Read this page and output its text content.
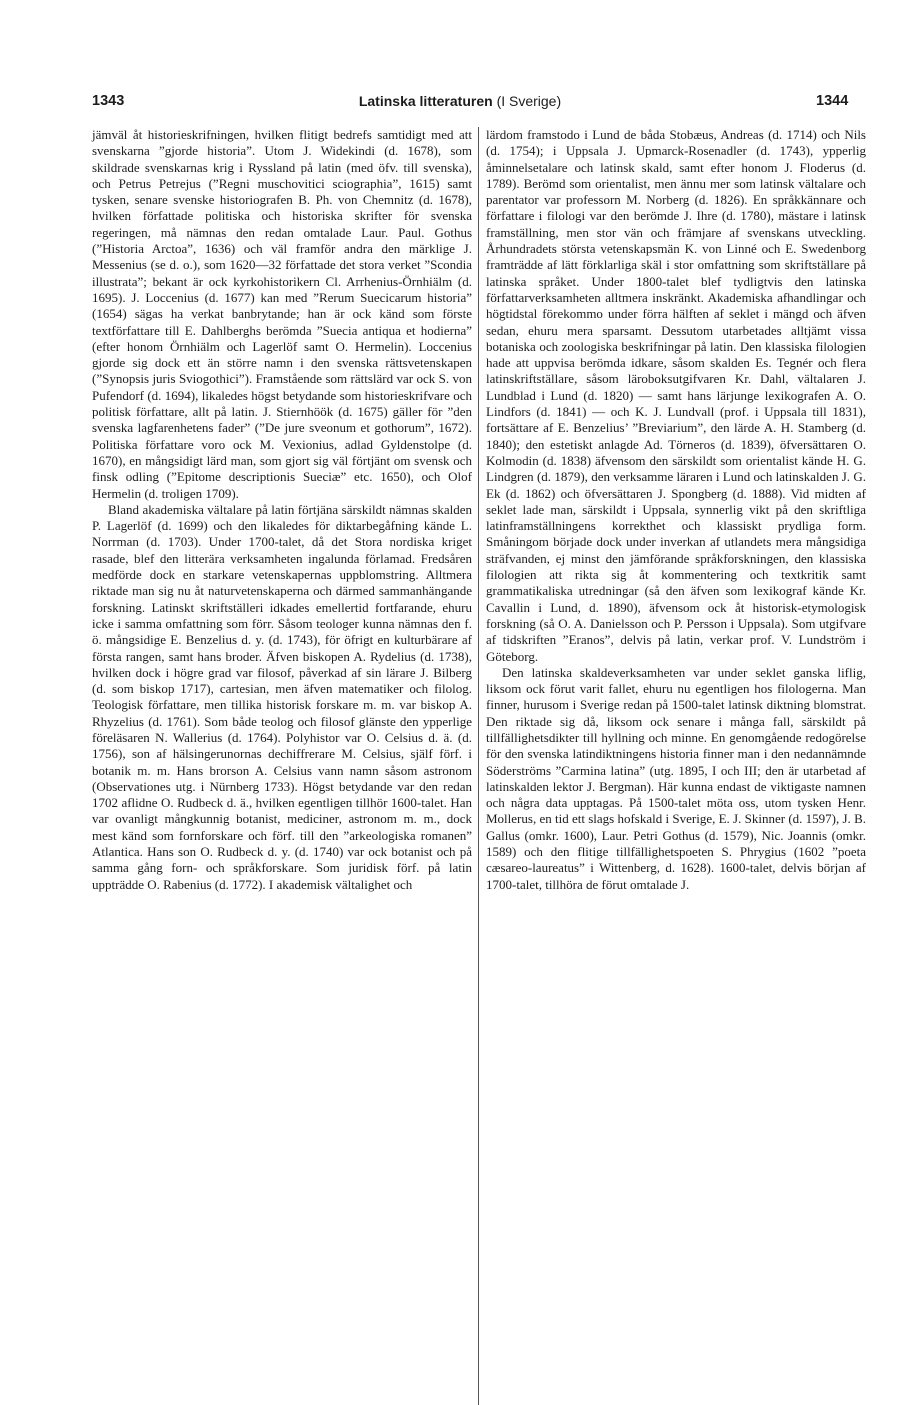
1343	Latinska litteraturen (I Sverige)	1344

jämväl åt historieskrifningen, hvilken flitigt bedrefs samtidigt med att svenskarna ”gjorde historia”. Utom J. Widekindi (d. 1678), som skildrade svenskarnas krig i Ryssland på latin (med öfv. till svenska), och Petrus Petrejus (”Regni muschovitici sciographia”, 1615) samt tysken, senare svenske historiografen B. Ph. von Chemnitz (d. 1678), hvilken författade politiska och historiska skrifter för svenska regeringen, må nämnas den redan omtalade Laur. Paul. Gothus (”Historia Arctoa”, 1636) och väl framför andra den märklige J. Messenius (se d. o.), som 1620—32 författade det stora verket ”Scondia illustrata”; bekant är ock kyrkohistorikern Cl. Arrhenius-Örnhiälm (d. 1695). J. Loccenius (d. 1677) kan med ”Rerum Suecicarum historia” (1654) sägas ha verkat banbrytande; han är ock känd som förste textförfattare till E. Dahlberghs berömda ”Suecia antiqua et hodierna” (efter honom Örnhiälm och Lagerlöf samt O. Hermelin). Loccenius gjorde sig dock ett än större namn i den svenska rättsvetenskapen (”Synopsis juris Sviogothici”). Framstående som rättslärd var ock S. von Pufendorf (d. 1694), likaledes högst betydande som historieskrifvare och politisk författare, allt på latin. J. Stiernhöök (d. 1675) gäller för ”den svenska lagfarenhetens fader” (”De jure sveonum et gothorum”, 1672). Politiska författare voro ock M. Vexionius, adlad Gyldenstolpe (d. 1670), en mångsidigt lärd man, som gjort sig väl förtjänt om svensk och finsk odling (”Epitome descriptionis Sueciæ” etc. 1650), och Olof Hermelin (d. troligen 1709).

Bland akademiska vältalare på latin förtjäna särskildt nämnas skalden P. Lagerlöf (d. 1699) och den likaledes för diktarbegåfning kände L. Norrman (d. 1703). Under 1700-talet, då det Stora nordiska kriget rasade, blef den litterära verksamheten ingalunda förlamad. Fredsåren medförde dock en starkare vetenskapernas uppblomstring. Alltmera riktade man sig nu åt naturvetenskaperna och därmed sammanhängande forskning. Latinskt skriftställeri idkades emellertid fortfarande, ehuru icke i samma omfattning som förr. Såsom teologer kunna nämnas den f. ö. mångsidige E. Benzelius d. y. (d. 1743), för öfrigt en kulturbärare af första rangen, samt hans broder. Äfven biskopen A. Rydelius (d. 1738), hvilken dock i högre grad var filosof, påverkad af sin lärare J. Bilberg (d. som biskop 1717), cartesian, men äfven matematiker och filolog. Teologisk författare, men tillika historisk forskare m. m. var biskop A. Rhyzelius (d. 1761). Som både teolog och filosof glänste den ypperlige föreläsaren N. Wallerius (d. 1764). Polyhistor var O. Celsius d. ä. (d. 1756), son af hälsingerunornas dechiffrerare M. Celsius, själf förf. i botanik m. m. Hans brorson A. Celsius vann namn såsom astronom (Observationes utg. i Nürnberg 1733). Högst betydande var den redan 1702 aflidne O. Rudbeck d. ä., hvilken egentligen tillhör 1600-talet. Han var ovanligt mångkunnig botanist, mediciner, astronom m. m., dock mest känd som fornforskare och förf. till den ”arkeologiska romanen” Atlantica. Hans son O. Rudbeck d. y. (d. 1740) var ock botanist och på samma gång forn- och språkforskare. Som juridisk förf. på latin uppträdde O. Rabenius (d. 1772). I akademisk vältalighet och

lärdom framstodo i Lund de båda Stobæus, Andreas (d. 1714) och Nils (d. 1754); i Uppsala J. Upmarck-Rosenadler (d. 1743), ypperlig åminnelsetalare och latinsk skald, samt efter honom J. Floderus (d. 1789). Berömd som orientalist, men ännu mer som latinsk vältalare och parentator var professorn M. Norberg (d. 1826). En språkkännare och författare i filologi var den berömde J. Ihre (d. 1780), mästare i latinsk framställning, men stor vän och främjare af svenskans utveckling. Århundradets största vetenskapsmän K. von Linné och E. Swedenborg framträdde af lätt förklarliga skäl i stor omfattning som skriftställare på latinska språket. Under 1800-talet blef tydligtvis den latinska författarverksamheten alltmera inskränkt. Akademiska afhandlingar och högtidstal förekommo under förra hälften af seklet i mängd och äfven sedan, ehuru mera sparsamt. Dessutom utarbetades alltjämt vissa botaniska och zoologiska beskrifningar på latin. Den klassiska filologien hade att uppvisa berömda idkare, såsom skalden Es. Tegnér och flera latinskriftställare, såsom läroboksutgifvaren Kr. Dahl, vältalaren J. Lundblad i Lund (d. 1820) — samt hans lärjunge lexikografen A. O. Lindfors (d. 1841) — och K. J. Lundvall (prof. i Uppsala till 1831), fortsättare af E. Benzelius’ ”Breviarium”, den lärde A. H. Stamberg (d. 1840); den estetiskt anlagde Ad. Törneros (d. 1839), öfversättaren O. Kolmodin (d. 1838) äfvensom den särskildt som orientalist kände H. G. Lindgren (d. 1879), den verksamme läraren i Lund och latinskalden J. G. Ek (d. 1862) och öfversättaren J. Spongberg (d. 1888). Vid midten af seklet lade man, särskildt i Uppsala, synnerlig vikt på den skriftliga latinframställningens korrekthet och klassiskt prydliga form. Småningom började dock under inverkan af utlandets mera mångsidiga sträfvanden, ej minst den jämförande språkforskningen, den klassiska filologien att rikta sig åt kommentering och textkritik samt grammatikaliska utredningar (så den äfven som lexikograf kände Kr. Cavallin i Lund, d. 1890), äfvensom ock åt historisk-etymologisk forskning (så O. A. Danielsson och P. Persson i Uppsala). Som utgifvare af tidskriften ”Eranos”, delvis på latin, verkar prof. V. Lundström i Göteborg.

Den latinska skaldeverksamheten var under seklet ganska liflig, liksom ock förut varit fallet, ehuru nu egentligen hos filologerna. Man finner, hurusom i Sverige redan på 1500-talet latinsk diktning blomstrat. Den riktade sig då, liksom ock senare i många fall, särskildt på tillfällighetsdikter till hyllning och minne. En genomgående redogörelse för den svenska latindiktningens historia finner man i den nedannämnde Söderströms ”Carmina latina” (utg. 1895, I och III; den är utarbetad af latinskalden lektor J. Bergman). Här kunna endast de viktigaste namnen och några data upptagas. På 1500-talet möta oss, utom tysken Henr. Mollerus, en tid ett slags hofskald i Sverige, E. J. Skinner (d. 1597), J. B. Gallus (omkr. 1600), Laur. Petri Gothus (d. 1579), Nic. Joannis (omkr. 1589) och den flitige tillfällighetspoeten S. Phrygius (1602 ”poeta cæsareo-laureatus” i Wittenberg, d. 1628). 1600-talet, delvis början af 1700-talet, tillhöra de förut omtalade J.
